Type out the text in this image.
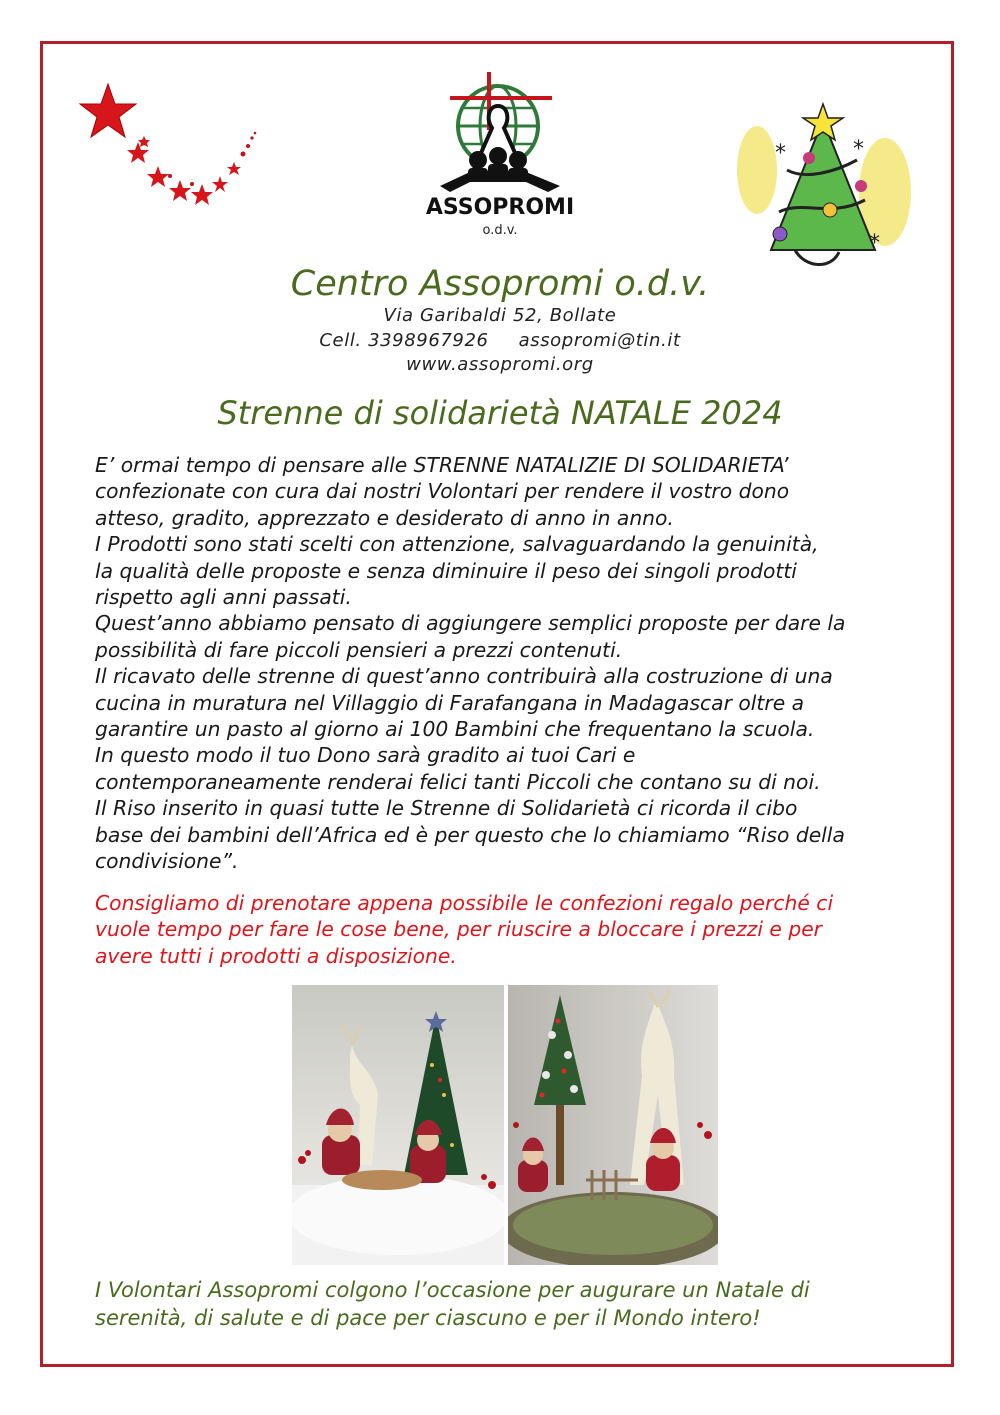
ASSOPROMI
o.d.v.
*	*
*
Centro Assopromi o.d.v.
Via Garibaldi 52, Bollate
Cell. 3398967926 assopromi@tin.it
www.assopromi.org
Strenne di solidarietà NATALE 2024

E’ ormai tempo di pensare alle STRENNE NATALIZIE DI SOLIDARIETA’

confezionate con cura dai nostri Volontari per rendere il vostro dono

atteso, gradito, apprezzato e desiderato di anno in anno.

I Prodotti sono stati scelti con attenzione, salvaguardando la genuinità,

la qualità delle proposte e senza diminuire il peso dei singoli prodotti

rispetto agli anni passati.

Quest’anno abbiamo pensato di aggiungere semplici proposte per dare la

possibilità di fare piccoli pensieri a prezzi contenuti.

Il ricavato delle strenne di quest’anno contribuirà alla costruzione di una

cucina in muratura nel Villaggio di Farafangana in Madagascar oltre a

garantire un pasto al giorno ai 100 Bambini che frequentano la scuola.

In questo modo il tuo Dono sarà gradito ai tuoi Cari e

contemporaneamente renderai felici tanti Piccoli che contano su di noi.

Il Riso inserito in quasi tutte le Strenne di Solidarietà ci ricorda il cibo

base dei bambini dell’Africa ed è per questo che lo chiamiamo “Riso della

condivisione”.

Consigliamo di prenotare appena possibile le confezioni regalo perché ci
vuole tempo per fare le cose bene, per riuscire a bloccare i prezzi e per
avere tutti i prodotti a disposizione.
I Volontari Assopromi colgono l’occasione per augurare un Natale di
serenità, di salute e di pace per ciascuno e per il Mondo intero!
